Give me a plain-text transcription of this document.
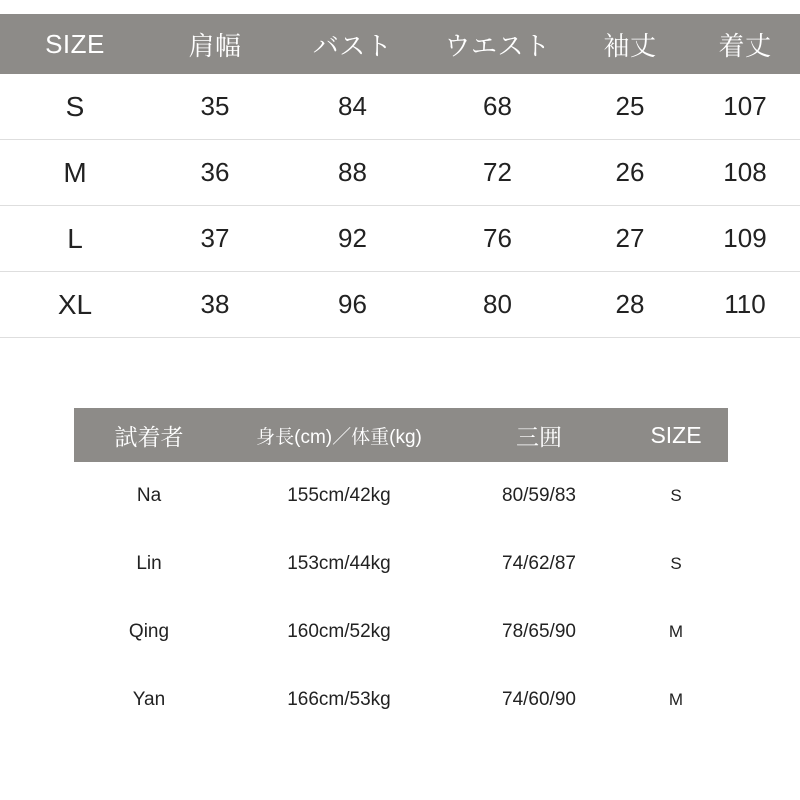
SIZE	肩幅	バスト	ウエスト	袖丈	着丈
S	35	84	68	25	107
M	36	88	72	26	108
L	37	92	76	27	109
XL	38	96	80	28	110
試着者	身長(cm)／体重(kg)	三囲	SIZE
Na	155cm/42kg	80/59/83	S
Lin	153cm/44kg	74/62/87	S
Qing	160cm/52kg	78/65/90	M
Yan	166cm/53kg	74/60/90	M
